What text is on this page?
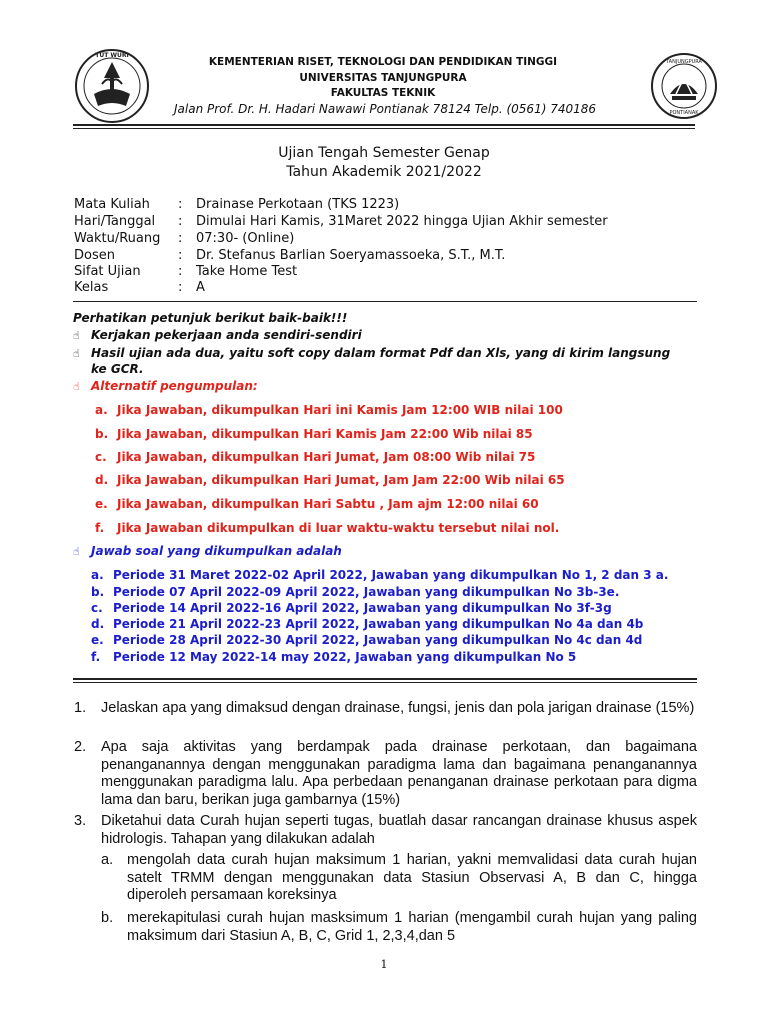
TUT WURI
TANJUNGPURA
PONTIANAK
KEMENTERIAN RISET, TEKNOLOGI DAN PENDIDIKAN TINGGI
UNIVERSITAS TANJUNGPURA
FAKULTAS TEKNIK
Jalan Prof. Dr. H. Hadari Nawawi Pontianak 78124 Telp. (0561) 740186
Ujian Tengah Semester Genap
Tahun Akademik 2021/2022
Mata Kuliah : Drainase Perkotaan (TKS 1223)
Hari/Tanggal : Dimulai Hari Kamis, 31Maret 2022 hingga Ujian Akhir semester
Waktu/Ruang : 07:30- (Online)
Dosen	: Dr. Stefanus Barlian Soeryamassoeka, S.T., M.T.
Sifat Ujian	: Take Home Test
Kelas	: A
Perhatikan petunjuk berikut baik-baik!!!
☝ Kerjakan pekerjaan anda sendiri-sendiri
☝ Hasil ujian ada dua, yaitu soft copy dalam format Pdf dan Xls, yang di kirim langsung
ke GCR.
☝ Alternatif pengumpulan:
a. Jika Jawaban, dikumpulkan Hari ini Kamis Jam 12:00 WIB nilai 100
b. Jika Jawaban, dikumpulkan Hari Kamis Jam 22:00 Wib nilai 85
c. Jika Jawaban, dikumpulkan Hari Jumat, Jam 08:00 Wib nilai 75
d. Jika Jawaban, dikumpulkan Hari Jumat, Jam Jam 22:00 Wib nilai 65
e. Jika Jawaban, dikumpulkan Hari Sabtu , Jam ajm 12:00 nilai 60
f. Jika Jawaban dikumpulkan di luar waktu-waktu tersebut nilai nol.
☝ Jawab soal yang dikumpulkan adalah
a. Periode 31 Maret 2022-02 April 2022, Jawaban yang dikumpulkan No 1, 2 dan 3 a.
b. Periode 07 April 2022-09 April 2022, Jawaban yang dikumpulkan No 3b-3e.
c. Periode 14 April 2022-16 April 2022, Jawaban yang dikumpulkan No 3f-3g
d. Periode 21 April 2022-23 April 2022, Jawaban yang dikumpulkan No 4a dan 4b
e. Periode 28 April 2022-30 April 2022, Jawaban yang dikumpulkan No 4c dan 4d
f. Periode 12 May 2022-14 may 2022, Jawaban yang dikumpulkan No 5
1. Jelaskan apa yang dimaksud dengan drainase, fungsi, jenis dan pola jarigan drainase (15%)
2. Apa saja aktivitas yang berdampak pada drainase perkotaan, dan bagaimana penanganannya dengan menggunakan paradigma lama dan bagaimana penanganannya menggunakan paradigma lalu. Apa perbedaan penanganan drainase perkotaan para digma lama dan baru, berikan juga gambarnya (15%)
3. Diketahui data Curah hujan seperti tugas, buatlah dasar rancangan drainase khusus aspek hidrologis. Tahapan yang dilakukan adalah
a. mengolah data curah hujan maksimum 1 harian, yakni memvalidasi data curah hujan satelt TRMM dengan menggunakan data Stasiun Observasi A, B dan C, hingga diperoleh persamaan koreksinya
b. merekapitulasi curah hujan masksimum 1 harian (mengambil curah hujan yang paling maksimum dari Stasiun A, B, C, Grid 1, 2,3,4,dan 5
1
